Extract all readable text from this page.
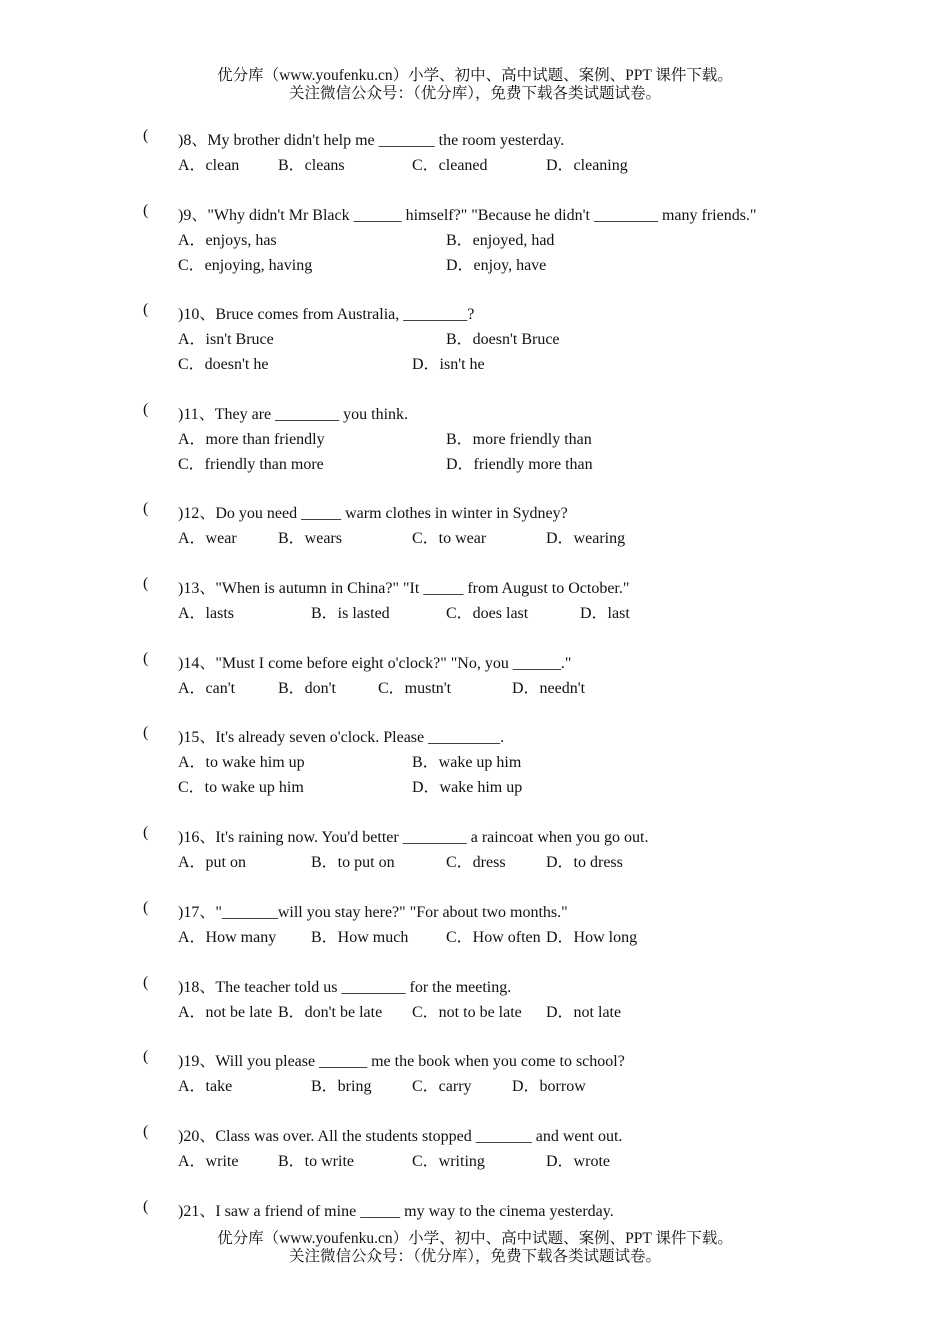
优分库（www.youfenku.cn）小学、初中、高中试题、案例、PPT 课件下载。
关注微信公众号：（优分库），免费下载各类试题试卷。
( )8、My brother didn't help me _______ the room yesterday.
A．clean B．cleans	C．cleaned	D．cleaning
( )9、"Why didn't Mr Black ______ himself?" "Because he didn't ________ many friends."
A．enjoys, has	B．enjoyed, had
C．enjoying, having	D．enjoy, have
( )10、Bruce comes from Australia, ________?
A．isn't Bruce	B．doesn't Bruce
C．doesn't he	D．isn't he
( )11、They are ________ you think.
A．more than friendly	B．more friendly than
C．friendly than more	D．friendly more than
( )12、Do you need _____ warm clothes in winter in Sydney?
A．wear	B．wears	C．to wear	D．wearing
( )13、"When is autumn in China?" "It _____ from August to October."
A．lasts	B．is lasted	C．does last	D．last
( )14、"Must I come before eight o'clock?" "No, you ______."
A．can't	B．don't	C．mustn't	D．needn't
( )15、It's already seven o'clock. Please _________.
A．to wake him up	B．wake up him
C．to wake up him	D．wake him up
( )16、It's raining now. You'd better ________ a raincoat when you go out.
A．put on	B．to put on	C．dress	D．to dress
( )17、"_______will you stay here?" "For about two months."
A．How many B．How much C．How often D．How long
( )18、The teacher told us ________ for the meeting.
A．not be late B．don't be late C．not to be late D．not late
( )19、Will you please ______ me the book when you come to school?
A．take	B．bring	C．carry	D．borrow
( )20、Class was over. All the students stopped _______ and went out.
A．write B．to write	C．writing	D．wrote
( )21、I saw a friend of mine _____ my way to the cinema yesterday.
优分库（www.youfenku.cn）小学、初中、高中试题、案例、PPT 课件下载。
关注微信公众号：（优分库），免费下载各类试题试卷。
